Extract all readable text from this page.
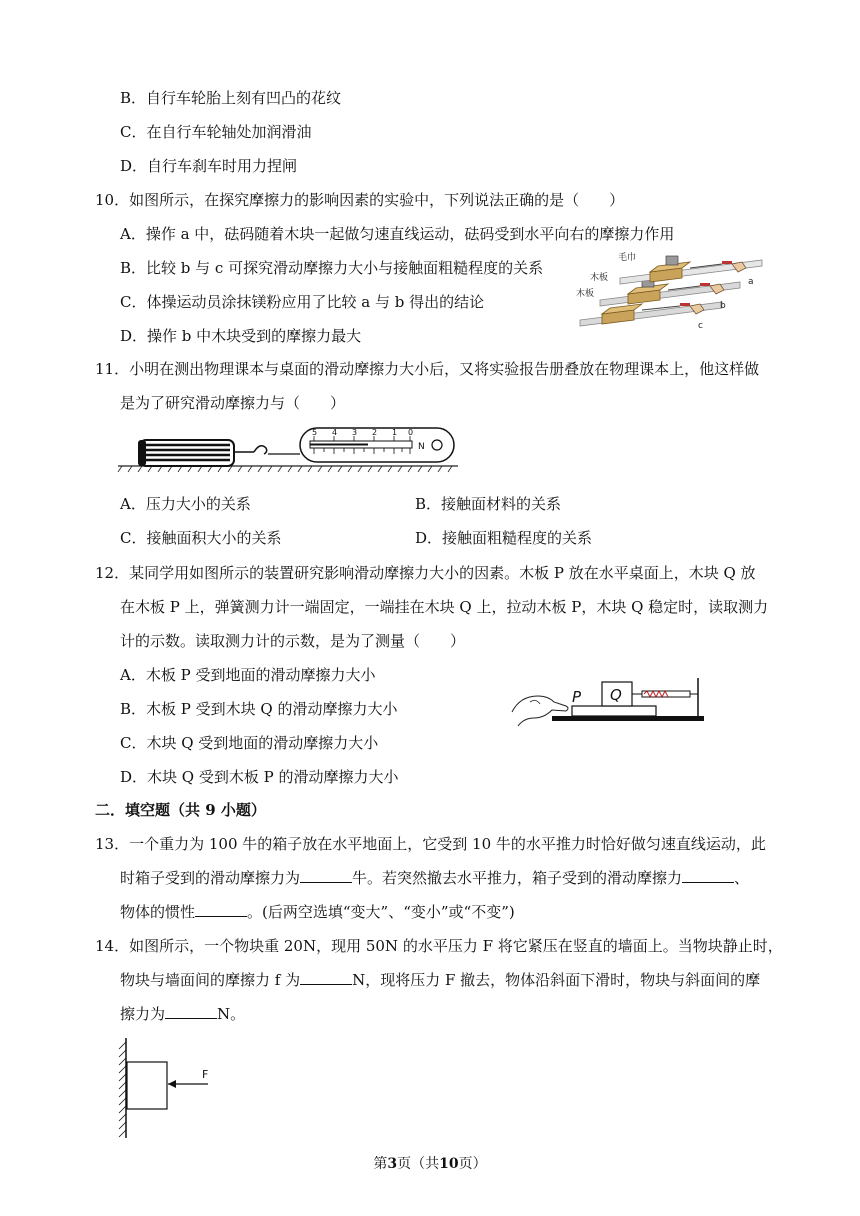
B．自行车轮胎上刻有凹凸的花纹
C．在自行车轮轴处加润滑油
D．自行车刹车时用力捏闸
10．如图所示，在探究摩擦力的影响因素的实验中，下列说法正确的是（　　）
A．操作 a 中，砝码随着木块一起做匀速直线运动，砝码受到水平向右的摩擦力作用
B．比较 b 与 c 可探究滑动摩擦力大小与接触面粗糙程度的关系
C．体操运动员涂抹镁粉应用了比较 a 与 b 得出的结论
D．操作 b 中木块受到的摩擦力最大
毛巾
木板
木板
a
b
c
11．小明在测出物理课本与桌面的滑动摩擦力大小后，又将实验报告册叠放在物理课本上，他这样做
是为了研究滑动摩擦力与（　　）
5 4 3 2 1 0
N
A．压力大小的关系	B．接触面材料的关系
C．接触面积大小的关系	D．接触面粗糙程度的关系
12．某同学用如图所示的装置研究影响滑动摩擦力大小的因素。木板 P 放在水平桌面上，木块 Q 放
在木板 P 上，弹簧测力计一端固定，一端挂在木块 Q 上，拉动木板 P，木块 Q 稳定时，读取测力
计的示数。读取测力计的示数，是为了测量（　　）
A．木板 P 受到地面的滑动摩擦力大小
B．木板 P 受到木块 Q 的滑动摩擦力大小
C．木块 Q 受到地面的滑动摩擦力大小
D．木块 Q 受到木板 P 的滑动摩擦力大小
P Q
二．填空题（共 9 小题）
13．一个重力为 100 牛的箱子放在水平地面上，它受到 10 牛的水平推力时恰好做匀速直线运动，此
时箱子受到的滑动摩擦力为	牛。若突然撤去水平推力，箱子受到的滑动摩擦力	、
物体的惯性	。(后两空选填“变大”、“变小”或“不变”)
14．如图所示，一个物块重 20N，现用 50N 的水平压力 F 将它紧压在竖直的墙面上。当物块静止时，
物块与墙面间的摩擦力 f 为	N，现将压力 F 撤去，物体沿斜面下滑时，物块与斜面间的摩
擦力为	N。
F
第3页（共10页）
